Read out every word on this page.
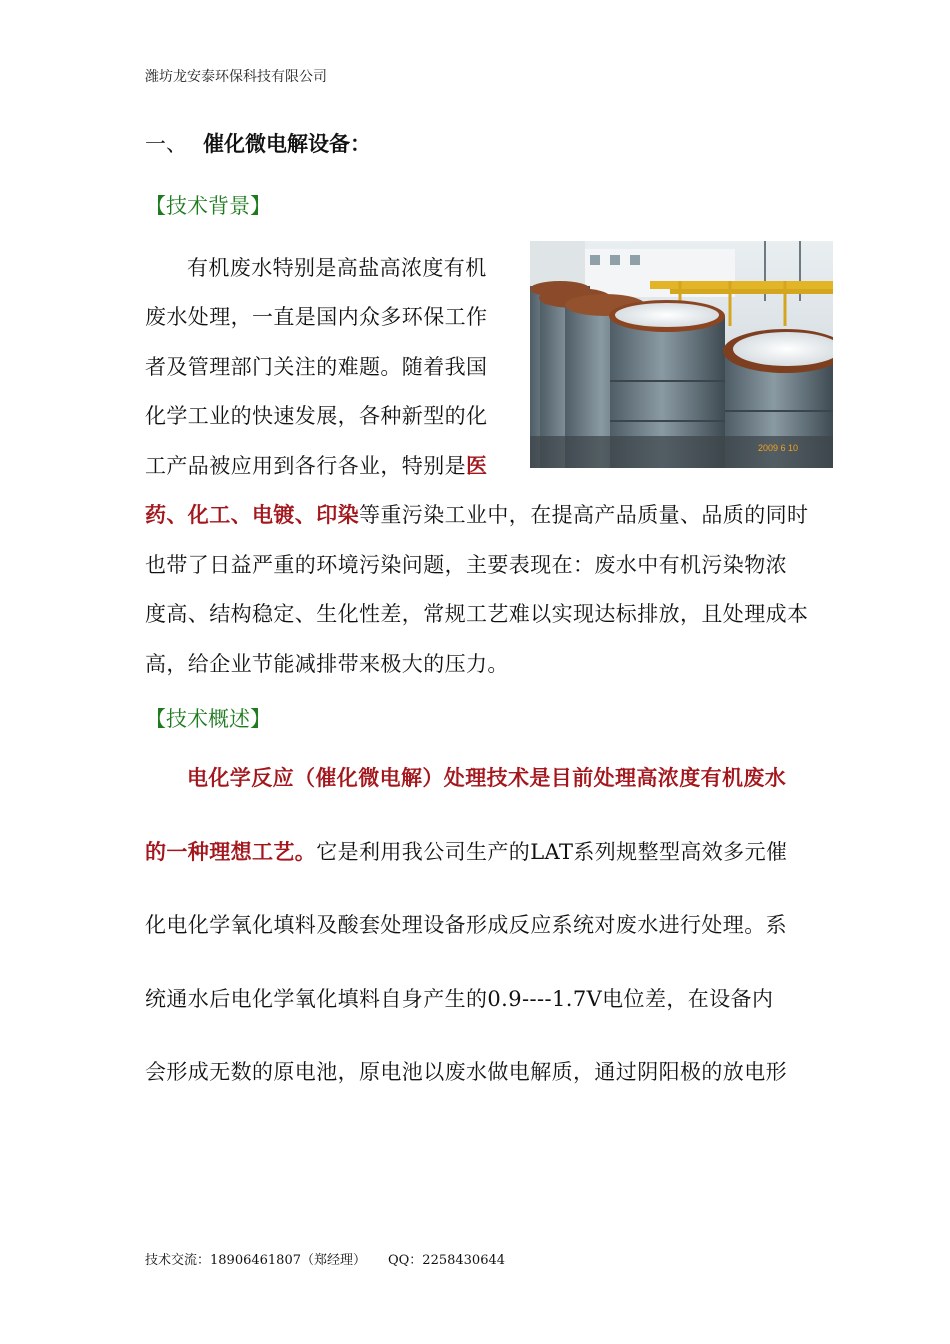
潍坊龙安泰环保科技有限公司
一、 催化微电解设备：
【技术背景】
有机废水特别是高盐高浓度有机
废水处理，一直是国内众多环保工作
者及管理部门关注的难题。随着我国
化学工业的快速发展，各种新型的化
工产品被应用到各行各业，特别是医
药、化工、电镀、印染等重污染工业中，在提高产品质量、品质的同时
也带了日益严重的环境污染问题，主要表现在：废水中有机污染物浓
度高、结构稳定、生化性差，常规工艺难以实现达标排放，且处理成本
高，给企业节能减排带来极大的压力。
2009 6 10
【技术概述】
电化学反应（催化微电解）处理技术是目前处理高浓度有机废水
的一种理想工艺。它是利用我公司生产的LAT系列规整型高效多元催
化电化学氧化填料及酸套处理设备形成反应系统对废水进行处理。系
统通水后电化学氧化填料自身产生的0.9----1.7V电位差，在设备内
会形成无数的原电池，原电池以废水做电解质，通过阴阳极的放电形
技术交流：18906461807（郑经理） QQ：2258430644
